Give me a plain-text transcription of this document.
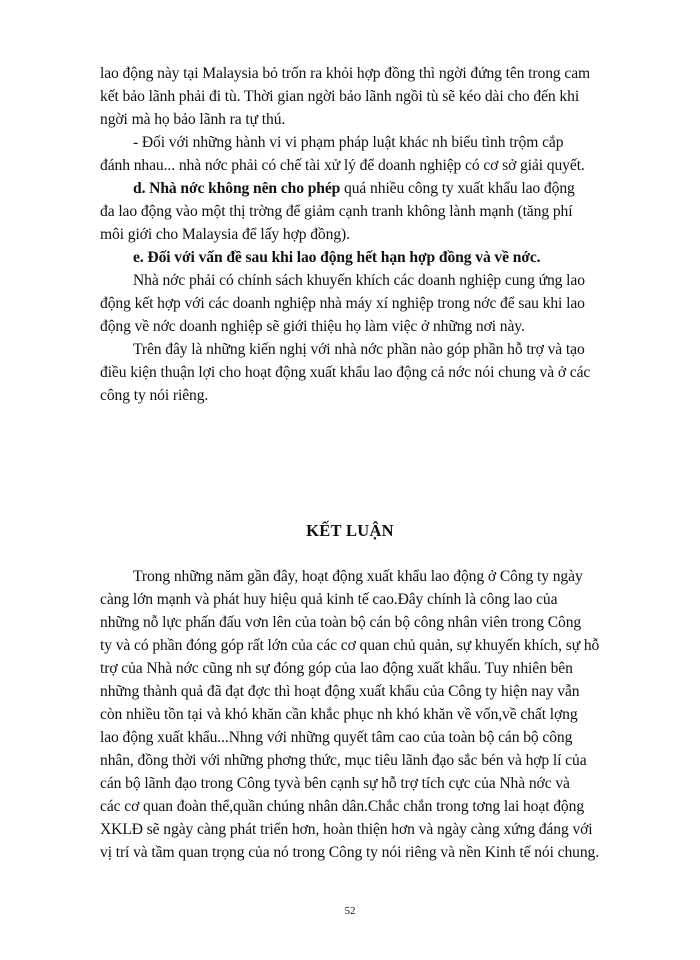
lao động này tại Malaysia bỏ trốn ra khỏi hợp đồng thì ngời đứng tên trong cam
kết bảo lãnh phải đi tù. Thời gian ngời bảo lãnh ngồi tù sẽ kéo dài cho đến khi
ngời mà họ bảo lãnh ra tự thú.
- Đối với những hành vi vi phạm pháp luật khác nh biểu tình trộm cắp
đánh nhau... nhà nớc phải có chế tài xử lý để doanh nghiệp có cơ sở giải quyết.
d. Nhà nớc không nên cho phép quá nhiều công ty xuất khẩu lao động
đa lao động vào một thị trờng để giảm cạnh tranh không lành mạnh (tăng phí
môi giới cho Malaysia để lấy hợp đồng).
e. Đối với vấn đề sau khi lao động hết hạn hợp đồng và về nớc.
Nhà nớc phải có chính sách khuyến khích các doanh nghiệp cung ứng lao
động kết hợp với các doanh nghiệp nhà máy xí nghiệp trong nớc để sau khi lao
động về nớc doanh nghiệp sẽ giới thiệu họ làm việc ở những nơi này.
Trên đây là những kiến nghị với nhà nớc phần nào góp phần hỗ trợ và tạo
điều kiện thuận lợi cho hoạt động xuất khẩu lao động cả nớc nói chung và ở các
công ty nói riêng.
KẾT LUẬN
Trong những năm gần đây, hoạt động xuất khẩu lao động ở Công ty ngày
càng lớn mạnh và phát huy hiệu quả kinh tế cao.Đây chính là công lao của
những nỗ lực phấn đấu vơn lên của toàn bộ cán bộ công nhân viên trong Công
ty và có phần đóng góp rất lớn của các cơ quan chủ quản, sự khuyến khích, sự hỗ
trợ của Nhà nớc cũng nh sự đóng góp của lao động xuất khẩu. Tuy nhiên bên
những thành quả đã đạt đợc thì hoạt động xuất khẩu của Công ty hiện nay vẫn
còn nhiều tồn tại và khó khăn cần khắc phục nh khó khăn về vốn,về chất lợng
lao động xuất khẩu...Nhng với những quyết tâm cao của toàn bộ cán bộ công
nhân, đồng thời với những phơng thức, mục tiêu lãnh đạo sắc bén và hợp lí của
cán bộ lãnh đạo trong Công tyvà bên cạnh sự hỗ trợ tích cực của Nhà nớc và
các cơ quan đoàn thể,quần chúng nhân dân.Chắc chắn trong tơng lai hoạt động
XKLĐ sẽ ngày càng phát triển hơn, hoàn thiện hơn và ngày càng xứng đáng với
vị trí và tầm quan trọng của nó trong Công ty nói riêng và nền Kinh tế nói chung.
52
